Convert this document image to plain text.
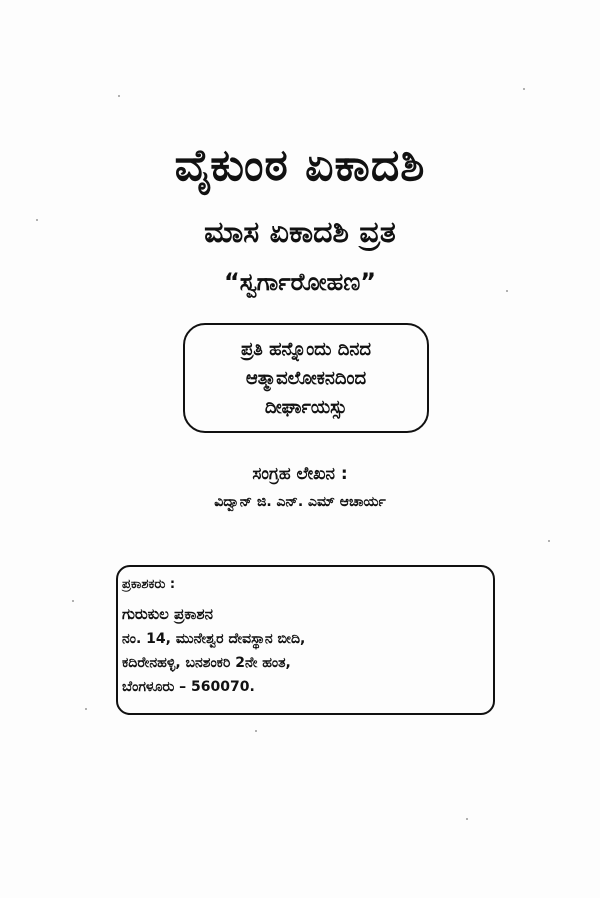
ವೈಕುಂಠ ಏಕಾದಶಿ
ಮಾಸ ಏಕಾದಶಿ ವ್ರತ
“ಸ್ವರ್ಗಾರೋಹಣ”
ಪ್ರತಿ ಹನ್ನೊಂದು ದಿನದ
ಆತ್ಮಾವಲೋಕನದಿಂದ
ದೀರ್ಘಾಯಸ್ಸು
ಸಂಗ್ರಹ ಲೇಖನ :
ವಿದ್ವಾನ್ ಜಿ. ಎನ್. ಎಮ್ ಆಚಾರ್ಯ
ಪ್ರಕಾಶಕರು :
ಗುರುಕುಲ ಪ್ರಕಾಶನ
ನಂ. 14, ಮುನೇಶ್ವರ ದೇವಸ್ಥಾನ ಬೀದಿ,
ಕದಿರೇನಹಳ್ಳಿ, ಬನಶಂಕರಿ 2ನೇ ಹಂತ,
ಬೆಂಗಳೂರು – 560070.
